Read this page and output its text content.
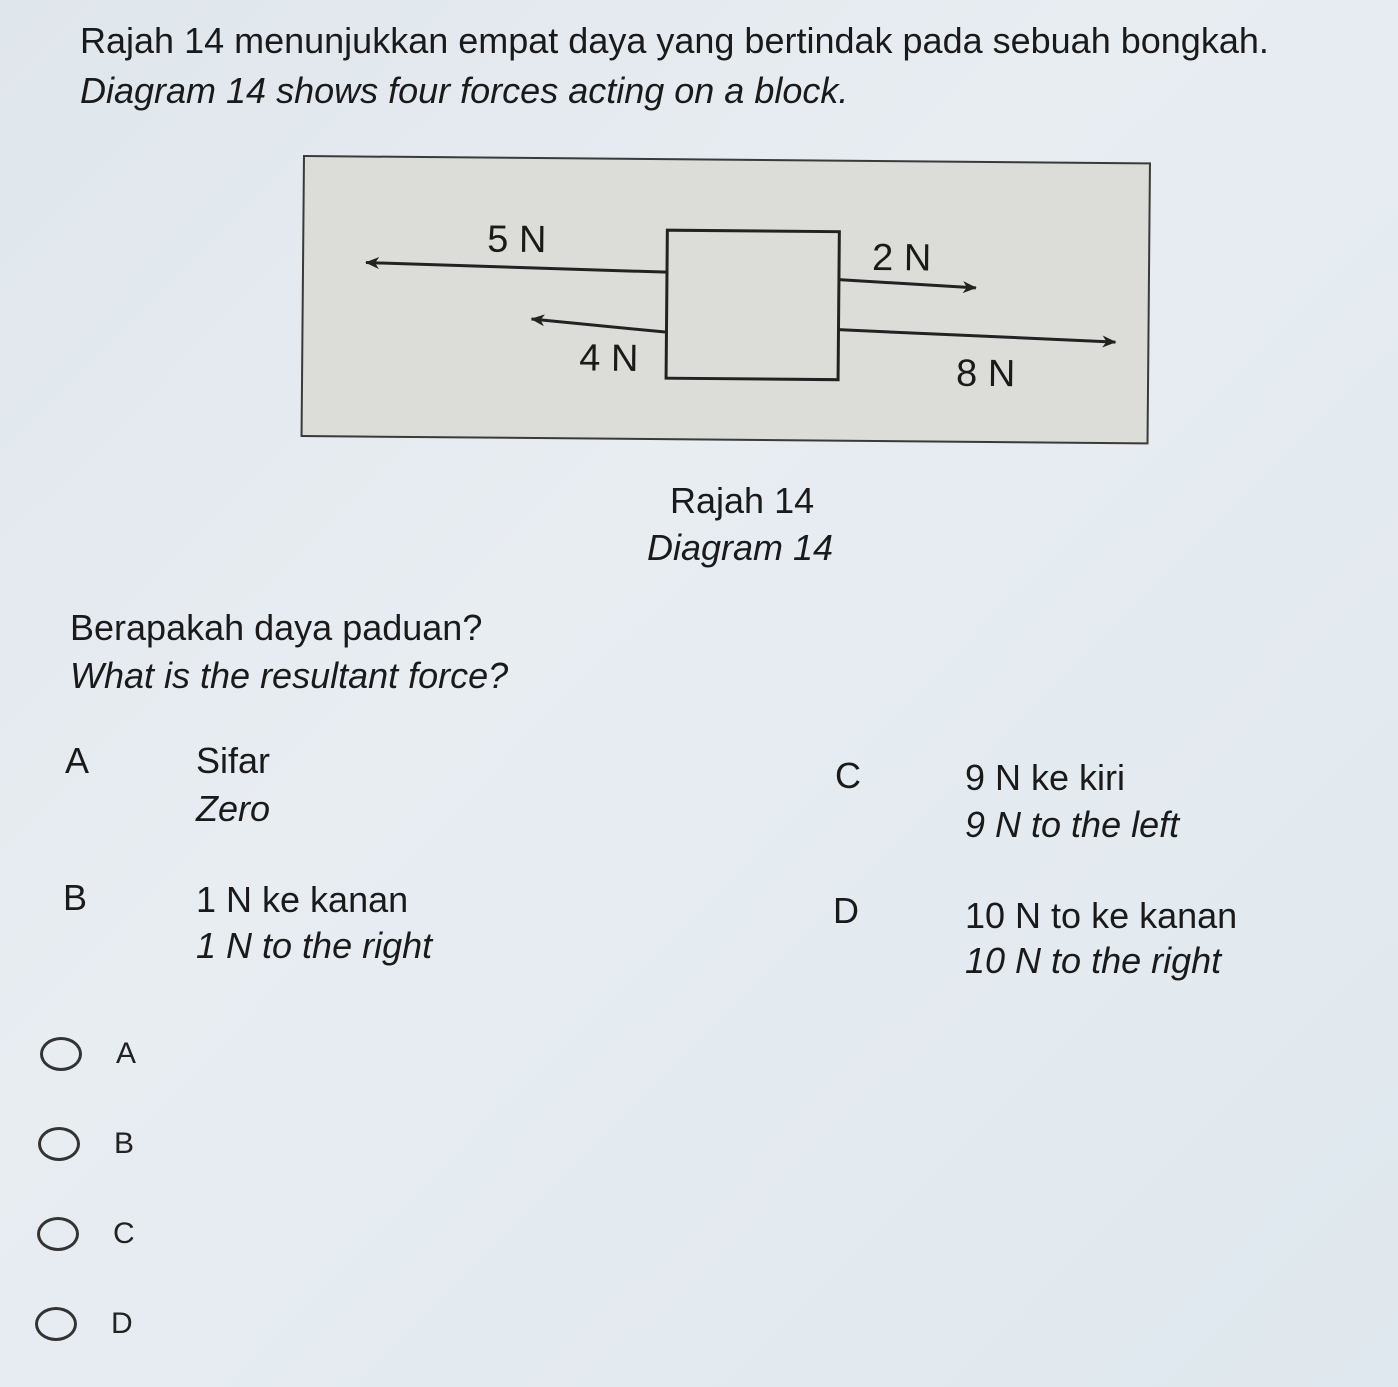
Rajah 14 menunjukkan empat daya yang bertindak pada sebuah bongkah.
Diagram 14 shows four forces acting on a block.
5 N
4 N
2 N
8 N
Rajah 14
Diagram 14
Berapakah daya paduan?
What is the resultant force?
A	Sifar
Zero
B	1 N ke kanan
1 N to the right
C	9 N ke kiri
9 N to the left
D	10 N to ke kanan
10 N to the right
A
B
C
D
